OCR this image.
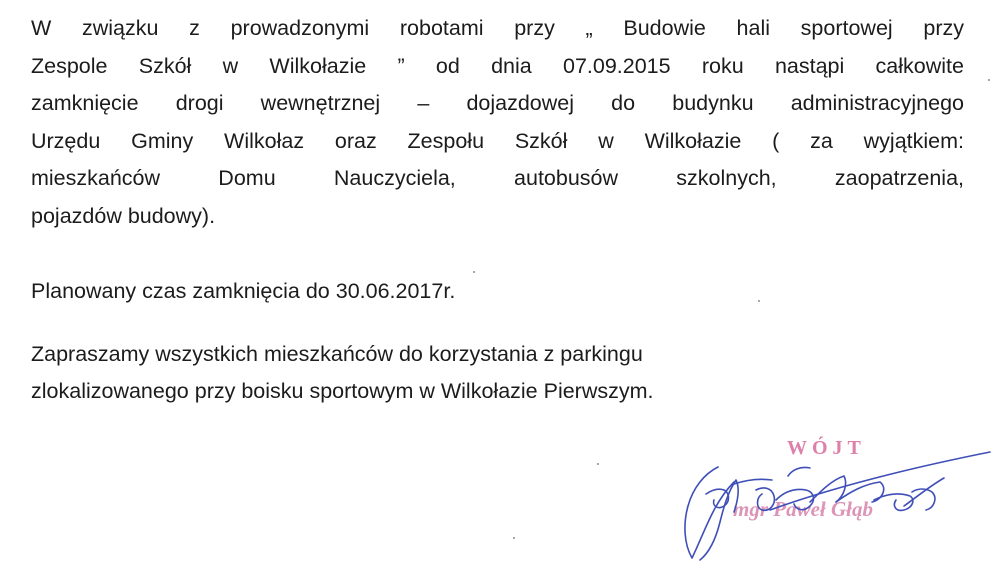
W związku z prowadzonymi robotami przy „ Budowie hali sportowej przy
Zespole Szkół w Wilkołazie ” od dnia 07.09.2015 roku nastąpi całkowite
zamknięcie drogi wewnętrznej – dojazdowej do budynku administracyjnego
Urzędu Gminy Wilkołaz oraz Zespołu Szkół w Wilkołazie ( za wyjątkiem:
mieszkańców Domu Nauczyciela, autobusów szkolnych, zaopatrzenia,
pojazdów budowy).
Planowany czas zamknięcia do 30.06.2017r.
Zapraszamy wszystkich mieszkańców do korzystania z parkingu
zlokalizowanego przy boisku sportowym w Wilkołazie Pierwszym.
WÓJT
mgr Paweł Głąb
